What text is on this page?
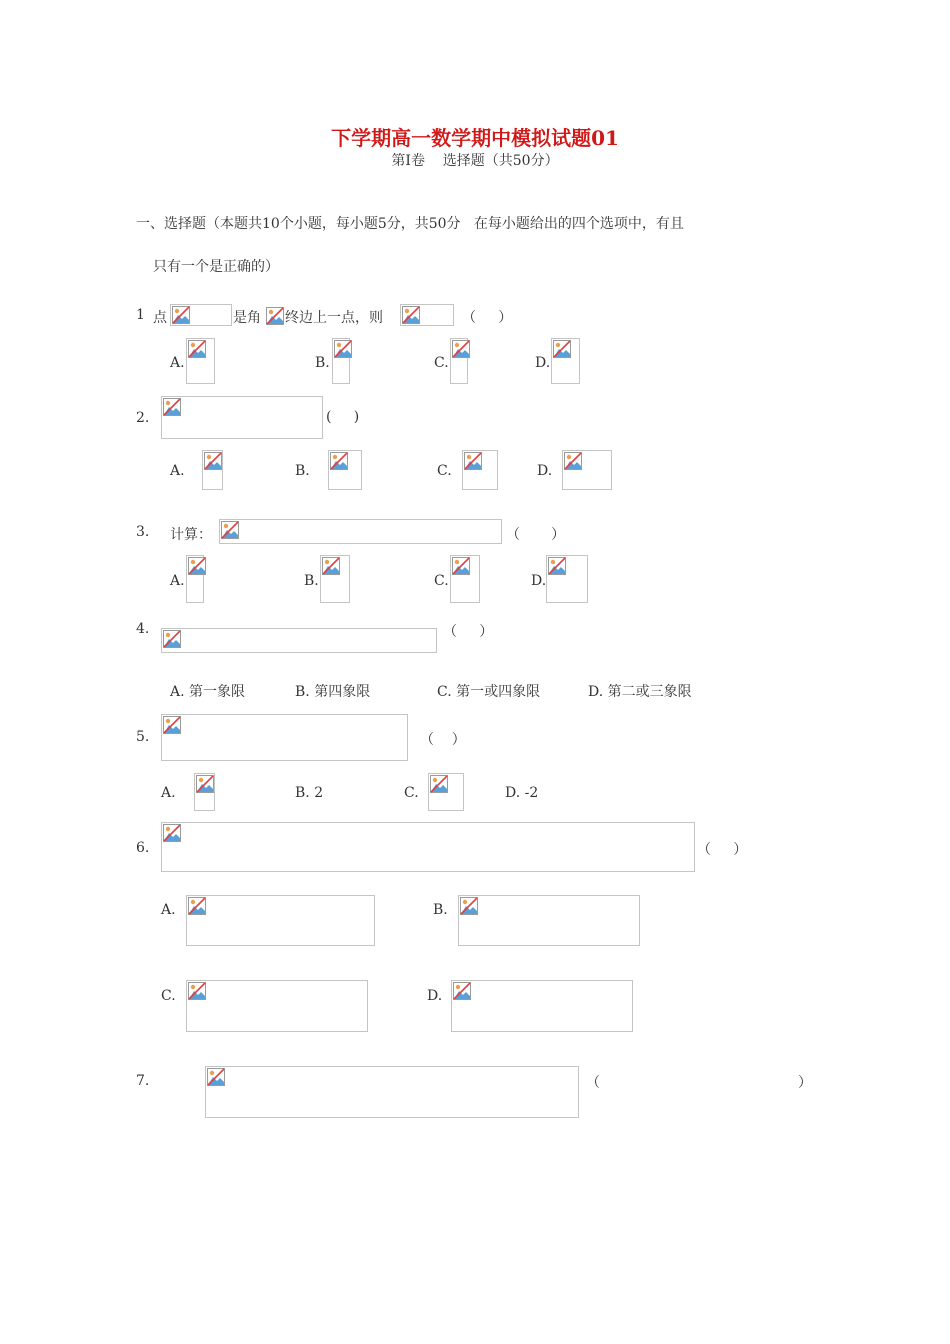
下学期高一数学期中模拟试题01
第Ⅰ卷    选择题（共50分）
一、选择题（本题共10个小题，每小题5分，共50分   在每小题给出的四个选项中，有且
只有一个是正确的）
1 点	是角 终边上一点，则	（     ）
A.	B.	C.	D.
2.	(     )
A.	B.	C.	D.
3. 计算：	（       ）
A.	B.	C.	D.
4.	（     ）
A. 第一象限	B. 第四象限	C. 第一或四象限	D. 第二或三象限
5.	（    ）
A.	B. 2	C.	D. -2
6.	（     ）
A.	B.
C.	D.
7.	（	）
